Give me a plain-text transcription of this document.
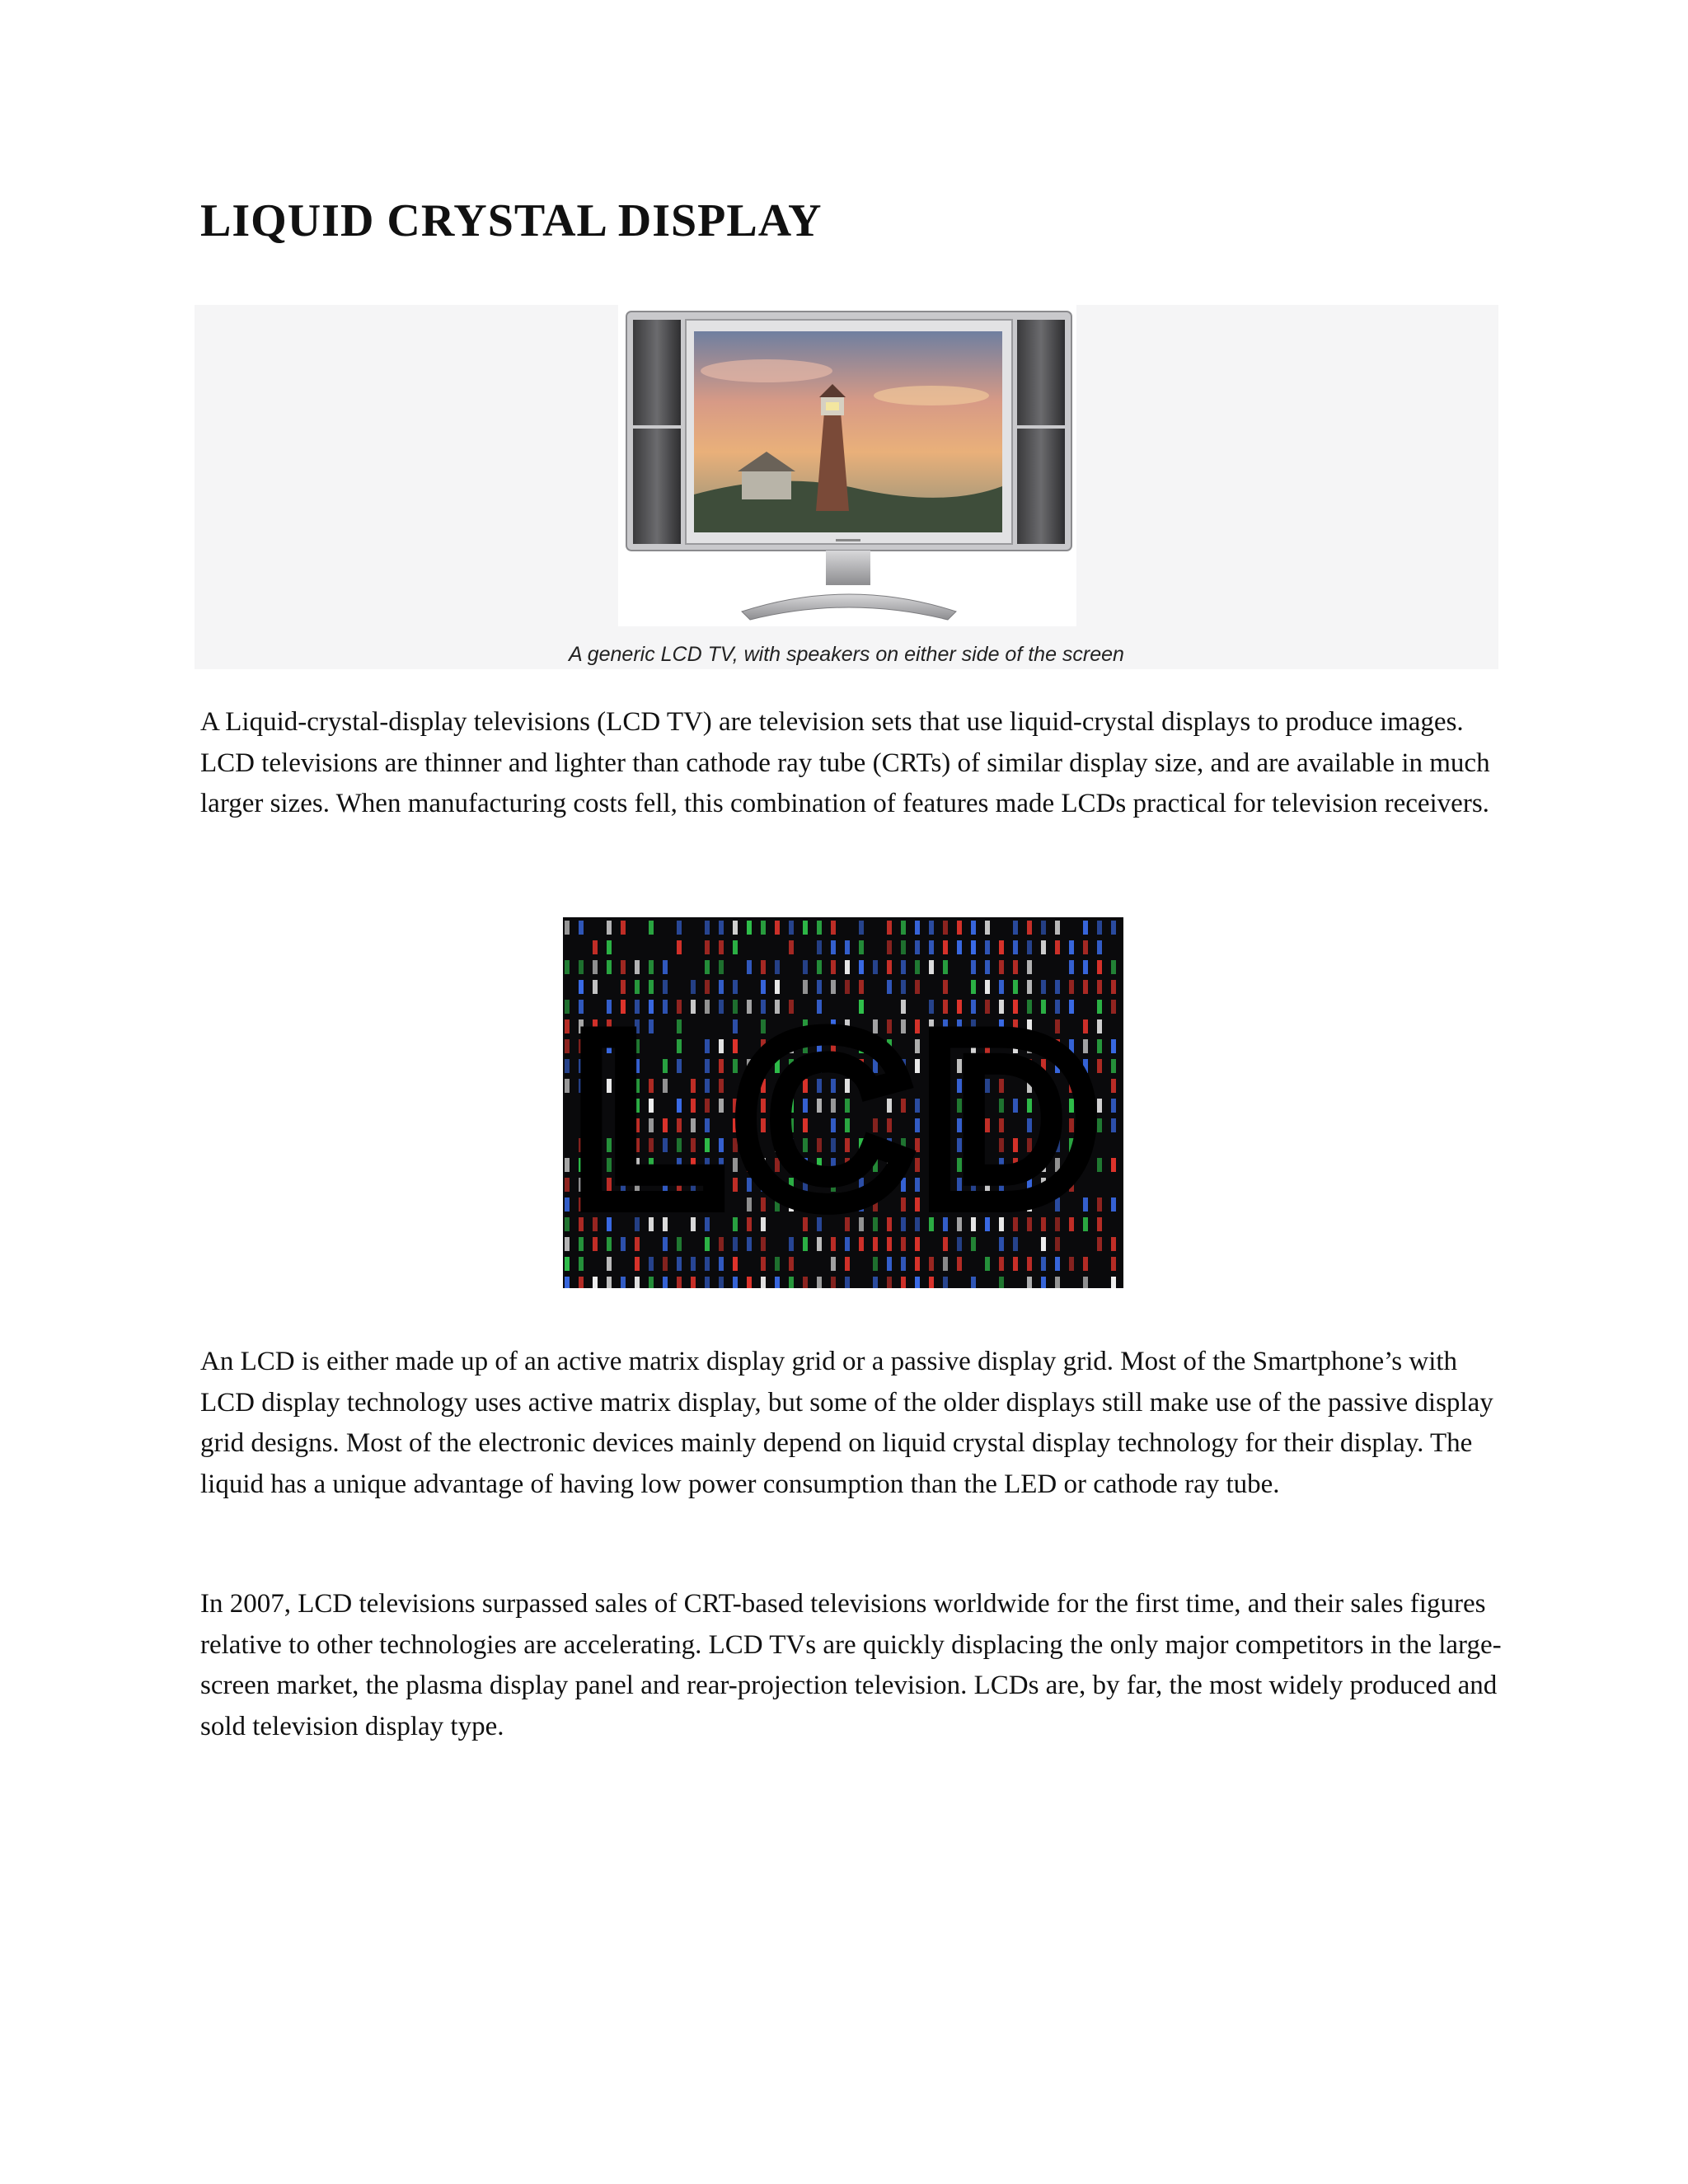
LIQUID CRYSTAL DISPLAY
A generic LCD TV, with speakers on either side of the screen

A Liquid-crystal-display televisions (LCD TV) are television sets that use liquid-crystal displays to produce images. LCD televisions are thinner and lighter than cathode ray tube (CRTs) of similar display size, and are available in much larger sizes. When manufacturing costs fell, this combination of features made LCDs practical for television receivers.

LCD

An LCD is either made up of an active matrix display grid or a passive display grid. Most of the Smartphone’s with LCD display technology uses active matrix display, but some of the older displays still make use of the passive display grid designs. Most of the electronic devices mainly depend on liquid crystal display technology for their display. The liquid has a unique advantage of having low power consumption than the LED or cathode ray tube.

In 2007, LCD televisions surpassed sales of CRT-based televisions worldwide for the first time, and their sales figures relative to other technologies are accelerating. LCD TVs are quickly displacing the only major competitors in the large-screen market, the plasma display panel and rear-projection television. LCDs are, by far, the most widely produced and sold television display type.
